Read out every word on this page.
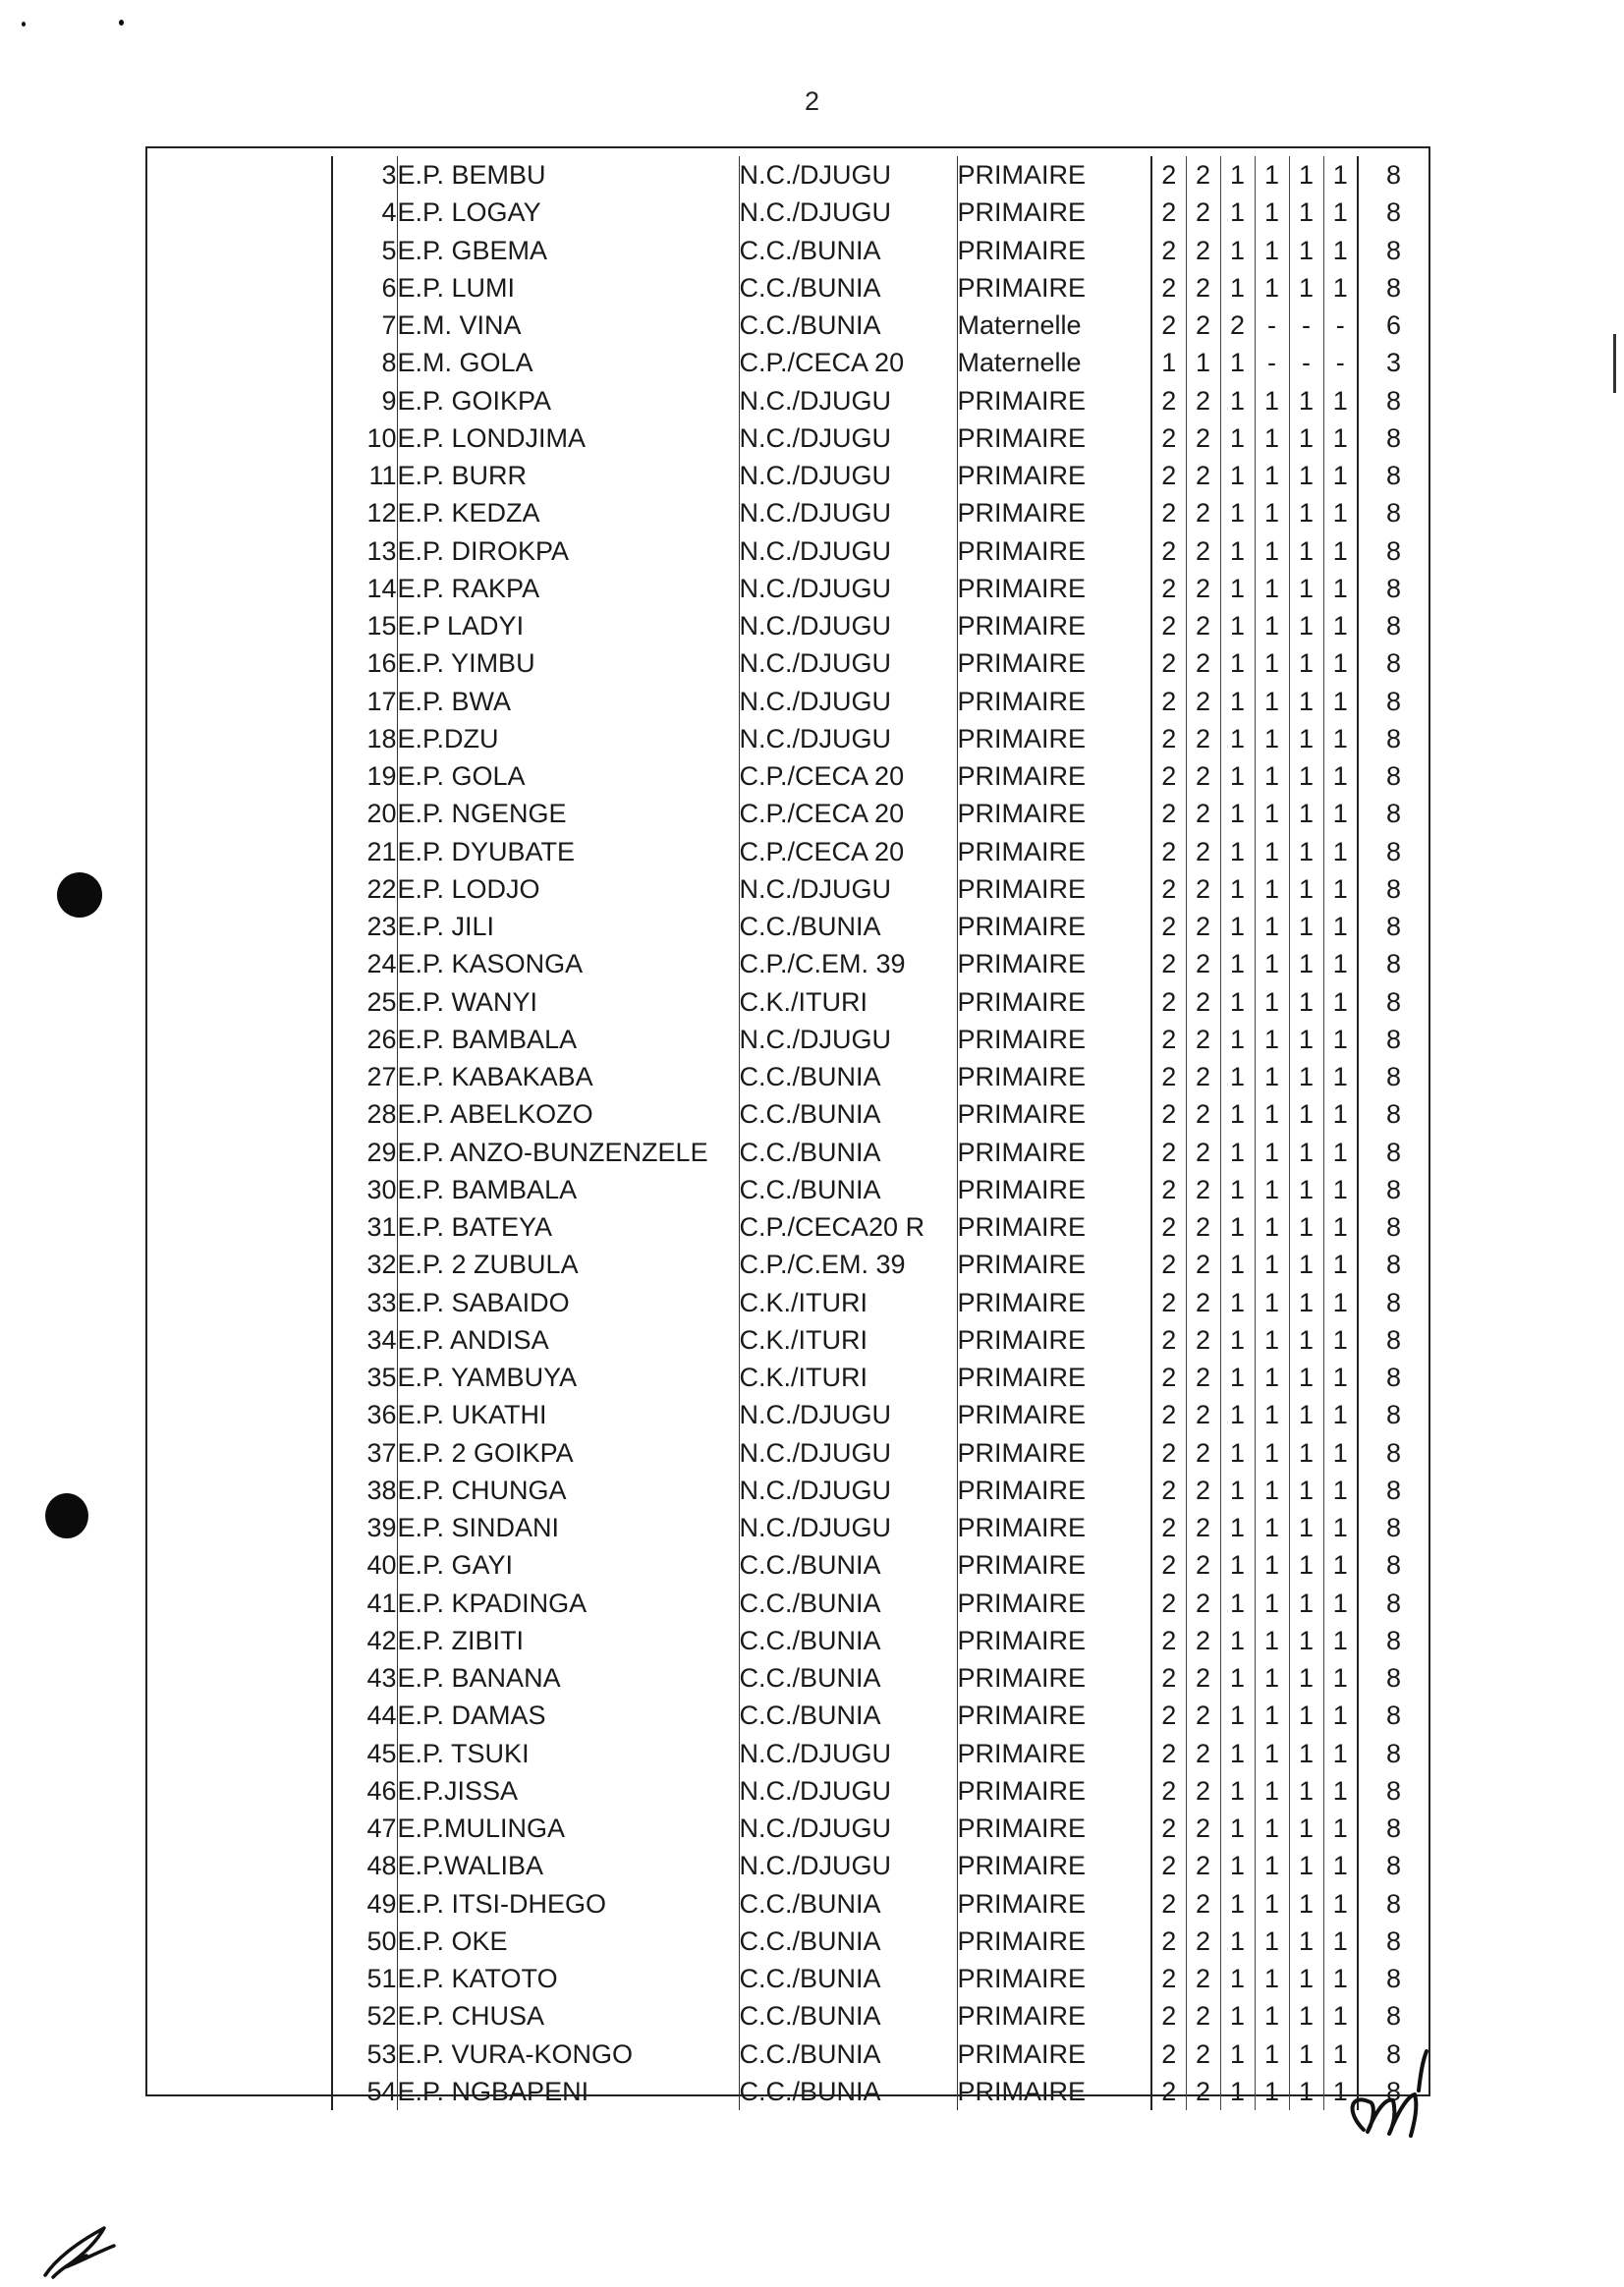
2
	3	E.P. BEMBU	N.C./DJUGU	PRIMAIRE	2	2	1	1	1	1	8
	4	E.P. LOGAY	N.C./DJUGU	PRIMAIRE	2	2	1	1	1	1	8
	5	E.P. GBEMA	C.C./BUNIA	PRIMAIRE	2	2	1	1	1	1	8
	6	E.P. LUMI	C.C./BUNIA	PRIMAIRE	2	2	1	1	1	1	8
	7	E.M. VINA	C.C./BUNIA	Maternelle	2	2	2	-	-	-	6
	8	E.M. GOLA	C.P./CECA 20	Maternelle	1	1	1	-	-	-	3
	9	E.P. GOIKPA	N.C./DJUGU	PRIMAIRE	2	2	1	1	1	1	8
	10	E.P. LONDJIMA	N.C./DJUGU	PRIMAIRE	2	2	1	1	1	1	8
	11	E.P. BURR	N.C./DJUGU	PRIMAIRE	2	2	1	1	1	1	8
	12	E.P. KEDZA	N.C./DJUGU	PRIMAIRE	2	2	1	1	1	1	8
	13	E.P. DIROKPA	N.C./DJUGU	PRIMAIRE	2	2	1	1	1	1	8
	14	E.P. RAKPA	N.C./DJUGU	PRIMAIRE	2	2	1	1	1	1	8
	15	E.P LADYI	N.C./DJUGU	PRIMAIRE	2	2	1	1	1	1	8
	16	E.P. YIMBU	N.C./DJUGU	PRIMAIRE	2	2	1	1	1	1	8
	17	E.P. BWA	N.C./DJUGU	PRIMAIRE	2	2	1	1	1	1	8
	18	E.P.DZU	N.C./DJUGU	PRIMAIRE	2	2	1	1	1	1	8
	19	E.P. GOLA	C.P./CECA 20	PRIMAIRE	2	2	1	1	1	1	8
	20	E.P. NGENGE	C.P./CECA 20	PRIMAIRE	2	2	1	1	1	1	8
	21	E.P. DYUBATE	C.P./CECA 20	PRIMAIRE	2	2	1	1	1	1	8
	22	E.P. LODJO	N.C./DJUGU	PRIMAIRE	2	2	1	1	1	1	8
	23	E.P. JILI	C.C./BUNIA	PRIMAIRE	2	2	1	1	1	1	8
	24	E.P. KASONGA	C.P./C.EM. 39	PRIMAIRE	2	2	1	1	1	1	8
	25	E.P. WANYI	C.K./ITURI	PRIMAIRE	2	2	1	1	1	1	8
	26	E.P. BAMBALA	N.C./DJUGU	PRIMAIRE	2	2	1	1	1	1	8
	27	E.P. KABAKABA	C.C./BUNIA	PRIMAIRE	2	2	1	1	1	1	8
	28	E.P. ABELKOZO	C.C./BUNIA	PRIMAIRE	2	2	1	1	1	1	8
	29	E.P. ANZO-BUNZENZELE	C.C./BUNIA	PRIMAIRE	2	2	1	1	1	1	8
	30	E.P. BAMBALA	C.C./BUNIA	PRIMAIRE	2	2	1	1	1	1	8
	31	E.P. BATEYA	C.P./CECA20 R	PRIMAIRE	2	2	1	1	1	1	8
	32	E.P. 2 ZUBULA	C.P./C.EM. 39	PRIMAIRE	2	2	1	1	1	1	8
	33	E.P. SABAIDO	C.K./ITURI	PRIMAIRE	2	2	1	1	1	1	8
	34	E.P. ANDISA	C.K./ITURI	PRIMAIRE	2	2	1	1	1	1	8
	35	E.P. YAMBUYA	C.K./ITURI	PRIMAIRE	2	2	1	1	1	1	8
	36	E.P. UKATHI	N.C./DJUGU	PRIMAIRE	2	2	1	1	1	1	8
	37	E.P. 2 GOIKPA	N.C./DJUGU	PRIMAIRE	2	2	1	1	1	1	8
	38	E.P. CHUNGA	N.C./DJUGU	PRIMAIRE	2	2	1	1	1	1	8
	39	E.P. SINDANI	N.C./DJUGU	PRIMAIRE	2	2	1	1	1	1	8
	40	E.P. GAYI	C.C./BUNIA	PRIMAIRE	2	2	1	1	1	1	8
	41	E.P. KPADINGA	C.C./BUNIA	PRIMAIRE	2	2	1	1	1	1	8
	42	E.P. ZIBITI	C.C./BUNIA	PRIMAIRE	2	2	1	1	1	1	8
	43	E.P. BANANA	C.C./BUNIA	PRIMAIRE	2	2	1	1	1	1	8
	44	E.P. DAMAS	C.C./BUNIA	PRIMAIRE	2	2	1	1	1	1	8
	45	E.P. TSUKI	N.C./DJUGU	PRIMAIRE	2	2	1	1	1	1	8
	46	E.P.JISSA	N.C./DJUGU	PRIMAIRE	2	2	1	1	1	1	8
	47	E.P.MULINGA	N.C./DJUGU	PRIMAIRE	2	2	1	1	1	1	8
	48	E.P.WALIBA	N.C./DJUGU	PRIMAIRE	2	2	1	1	1	1	8
	49	E.P. ITSI-DHEGO	C.C./BUNIA	PRIMAIRE	2	2	1	1	1	1	8
	50	E.P. OKE	C.C./BUNIA	PRIMAIRE	2	2	1	1	1	1	8
	51	E.P. KATOTO	C.C./BUNIA	PRIMAIRE	2	2	1	1	1	1	8
	52	E.P. CHUSA	C.C./BUNIA	PRIMAIRE	2	2	1	1	1	1	8
	53	E.P. VURA-KONGO	C.C./BUNIA	PRIMAIRE	2	2	1	1	1	1	8
	54	E.P. NGBAPENI	C.C./BUNIA	PRIMAIRE	2	2	1	1	1	1	8
